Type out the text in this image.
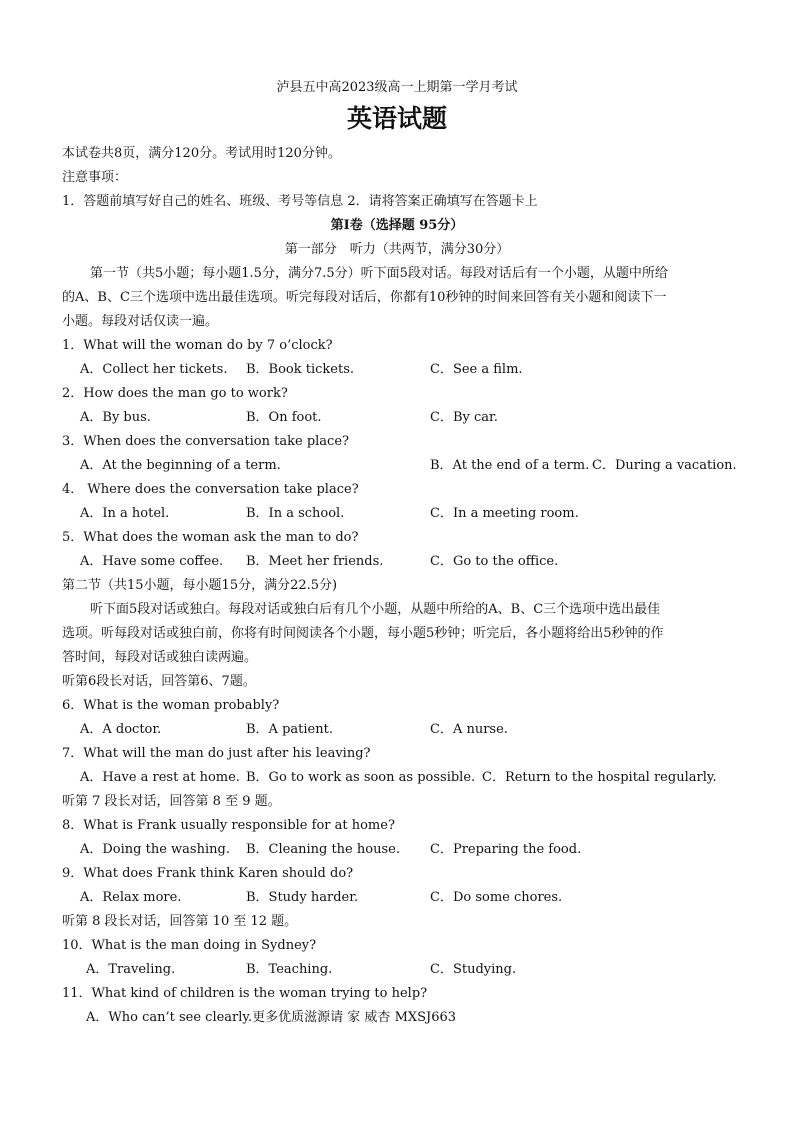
泸县五中高2023级高一上期第一学月考试
英语试题
本试卷共8页，满分120分。考试用时120分钟。
注意事项：
1．答题前填写好自己的姓名、班级、考号等信息 2．请将答案正确填写在答题卡上
第I卷（选择题 95分）
第一部分　听力（共两节，满分30分）
第一节（共5小题；每小题1.5分，满分7.5分）听下面5段对话。每段对话后有一个小题，从题中所给
的A、B、C三个选项中选出最佳选项。听完每段对话后，你都有10秒钟的时间来回答有关小题和阅读下一
小题。每段对话仅读一遍。
1．What will the woman do by 7 o’clock?
A．Collect her tickets. B．Book tickets.	C．See a film.
2．How does the man go to work?
A．By bus.	B．On foot.	C．By car.
3．When does the conversation take place?
A．At the beginning of a term.	B．At the end of a term. C．During a vacation.
4． Where does the conversation take place?
A．In a hotel.	B．In a school.	C．In a meeting room.
5．What does the woman ask the man to do?
A．Have some coffee. B．Meet her friends.	C．Go to the office.
第二节（共15小题，每小题15分，满分22.5分)
听下面5段对话或独白。每段对话或独白后有几个小题，从题中所给的A、B、C三个选项中选出最佳
选项。听每段对话或独白前，你将有时间阅读各个小题，每小题5秒钟；听完后，各小题将给出5秒钟的作
答时间，每段对话或独白读两遍。
听第6段长对话，回答第6、7题。
6．What is the woman probably?
A．A doctor.	B．A patient.	C．A nurse.
7．What will the man do just after his leaving?
A．Have a rest at home. B．Go to work as soon as possible. C．Return to the hospital regularly.
听第 7 段长对话，回答第 8 至 9 题。
8．What is Frank usually responsible for at home?
A．Doing the washing. B．Cleaning the house. C．Preparing the food.
9．What does Frank think Karen should do?
A．Relax more.	B．Study harder.	C．Do some chores.
听第 8 段长对话，回答第 10 至 12 题。
10．What is the man doing in Sydney?
A．Traveling.	B．Teaching.	C．Studying.
11．What kind of children is the woman trying to help?
A．Who can’t see clearly.更多优质滋源请 家 威杏 MXSJ663
